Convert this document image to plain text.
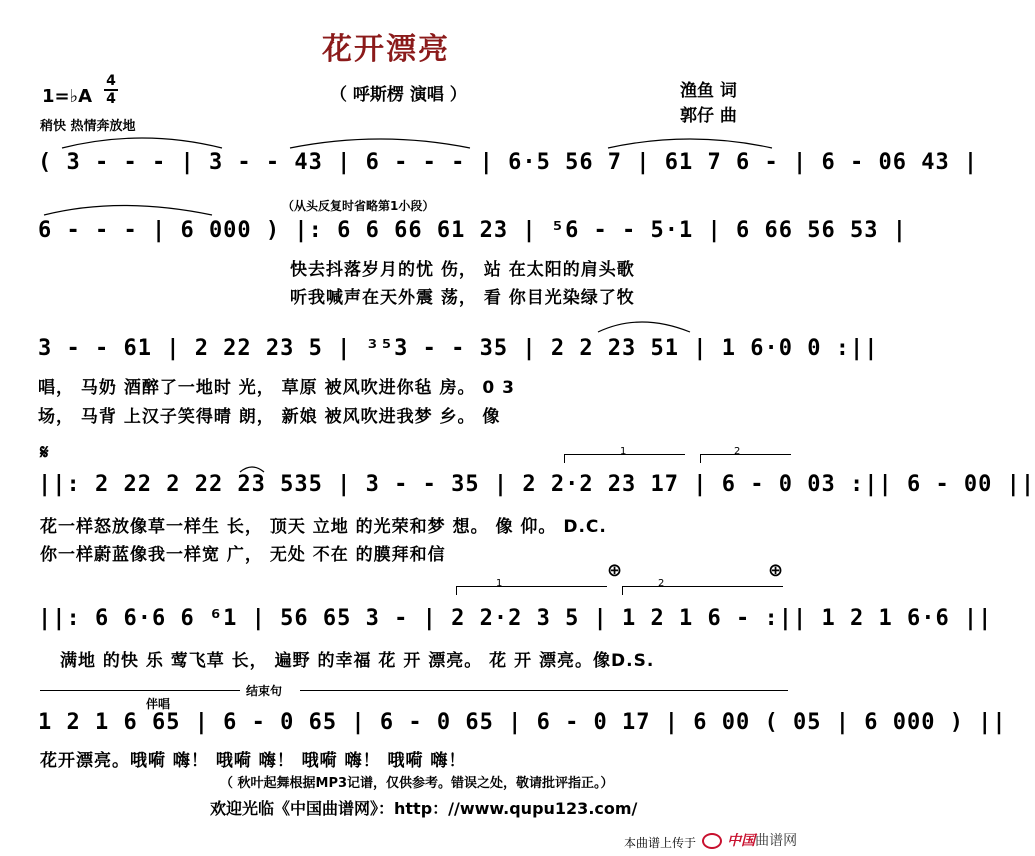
花开漂亮
（ 呼斯楞 演唱 ）	渔鱼 词
郭仔 曲
1=♭A
4
4
稍快 热情奔放地
( 3 - - - | 3 - - 43 | 6 - - - | 6·5 56 7 | 61 7 6 - | 6 - 06 43 |
（从头反复时省略第1小段）
6 - - - | 6 000 ) |: 6 6 66 61 23 | ⁵6 - - 5·1 | 6 66 56 53 |
快去抖落岁月的忧 伤， 站 在太阳的肩头歌
听我喊声在天外震 荡， 看 你目光染绿了牧
3 - - 61 | 2 22 23 5 | ³⁵3 - - 35 | 2 2 23 51 | 1 6·0 0 :||
唱， 马奶 酒醉了一地时 光， 草原 被风吹进你毡 房。 0 3
场， 马背 上汉子笑得晴 朗， 新娘 被风吹进我梦 乡。 像
𝄋	1	2
||: 2 22 2 22 23 535 | 3 - - 35 | 2 2·2 23 17 | 6 - 0 03 :|| 6 - 00 ||
花一样怒放像草一样生 长， 顶天 立地 的光荣和梦 想。 像 仰。 D.C.
你一样蔚蓝像我一样宽 广， 无处 不在 的膜拜和信
⊕	⊕
1	2
||: 6 6·6 6 ⁶1 | 56 65 3 - | 2 2·2 3 5 | 1 2 1 6 - :|| 1 2 1 6·6 ||
满地 的快 乐 莺飞草 长， 遍野 的幸福 花 开 漂亮。 花 开 漂亮。像D.S.
结束句
伴唱
1 2 1 6 65 | 6 - 0 65 | 6 - 0 65 | 6 - 0 17 | 6 00 ( 05 | 6 000 ) ||
花开漂亮。哦嗬 嗨！ 哦嗬 嗨！ 哦嗬 嗨！ 哦嗬 嗨！
（ 秋叶起舞根据MP3记谱，仅供参考。错误之处，敬请批评指正。）
欢迎光临《中国曲谱网》：http：//www.qupu123.com/
本曲谱上传于	中国曲谱网
